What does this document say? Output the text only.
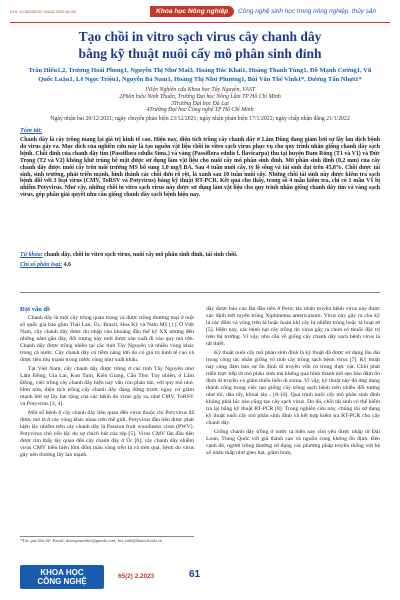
DOI: 10.55250/JO.VNUA.2023.61-65	Khoa học Nông nghiệp	Công nghệ sinh học trong nông nghiệp, thủy sản
Tạo chồi in vitro sạch virus cây chanh dây
bằng kỹ thuật nuôi cấy mô phân sinh đỉnh
Trần Hiếu1,2, Trương Hoài Phong1, Nguyễn Thị Như Mai3, Hoàng Đắc Khải1, Hoàng Thanh Tùng1, Đỗ Mạnh Cường1, Vũ Quốc Luận1, Lê Ngọc Triệu1, Nguyễn Bá Nam1, Hoàng Thị Như Phương1, Bùi Văn Thế Vinh1*, Dương Tấn Nhựt1*
1Viện Nghiên cứu Khoa học Tây Nguyên, VAST
2Phân hiệu Ninh Thuận, Trường Đại học Nông Lâm TP Hồ Chí Minh
3Trường Đại học Đà Lạt
4Trường Đại học Công nghệ TP Hồ Chí Minh
Ngày nhận bài 20/12/2021; ngày chuyển phản biện 23/12/2021; ngày nhận phản biện 17/1/2022; ngày chấp nhận đăng 21/1/2022
Tóm tắt:
Chanh dây là cây trồng mang lại giá trị kinh tế cao. Hiện nay, diện tích trồng cây chanh dây ở Lâm Đồng đang giảm bởi sự lây lan dịch bệnh do virus gây ra. Mục đích của nghiên cứu này là tạo nguồn vật liệu chồi in vitro sạch virus phục vụ cho quy trình nhân giống chanh dây sạch bệnh. Chồi đỉnh của chanh dây tím (Passiflora edulis Sims.) và vàng (Passiflora edulis f. flavicarpa) thu tại huyện Đam Rông (T1 và V1) và Đức Trọng (T2 và V2) không khử trùng bề mặt được sử dụng làm vật liệu cho nuôi cấy mô phân sinh đỉnh. Mô phân sinh đỉnh (0,2 mm) của cây chanh dây được nuôi cấy trên môi trường MS bổ sung 1,0 mg/l BA. Sau 4 tuần nuôi cấy, tỷ lệ sống và tái sinh đạt trên 45,8%. Chồi được tái sinh, sinh trưởng, phát triển mạnh, hình thành các chồi đơn rõ rệt, lá xanh sau 10 tuần nuôi cấy. Những chồi tái sinh này được kiểm tra sạch bệnh đối với 3 loại virus (CMV, ToRSV và Potyvirus) bằng kỹ thuật RT-PCR. Kết quả cho thấy, trong số 4 mẫu kiểm tra, chỉ có 1 mẫu V1 bị nhiễm Potyvirus. Như vậy, những chồi in vitro sạch virus này được sử dụng làm vật liệu cho quy trình nhân giống chanh dây tím và vàng sạch virus, góp phần giải quyết nhu cầu giống chanh dây sạch bệnh hiện nay.
Từ khóa: chanh dây, chồi in vitro sạch virus, nuôi cấy mô phân sinh đỉnh, tái sinh chồi.
Chỉ số phân loại: 4.6

Đặt vấn đề

Chanh dây là một cây trồng quan trọng và được trồng thương mại ở một số quốc gia bao gồm Thái Lan, Úc, Brazil, Hoa Kỳ và Nam Mỹ [1]. Ở Việt Nam, cây chanh dây được du nhập vào khoảng đầu thế kỷ XX nhưng đến những năm gần đây, đối tượng này mới được sản xuất đi vào quy mô lớn. Chanh dây được trồng nhiều tại các tỉnh Tây Nguyên và nhiều vùng khác trong cả nước. Cây chanh dây có tiềm năng lớn do có giá trị kinh tế cao và được tiêu thụ mạnh trong nước cũng như xuất khẩu.

Tại Việt Nam, cây chanh dây được trồng ở các tỉnh Tây Nguyên như Lâm Đồng, Gia Lai, Kon Tum, Kiên Giang, Cần Thơ. Tuy nhiên, ở Lâm Đồng, việc trồng cây chanh dây hiện nay vẫn còn phân tán, với quy mô nhỏ. Hơn nữa, diện tích trồng cây chanh dây đang đứng trước nguy cơ giảm mạnh bởi sự lây lan rộng của các bệnh do virus gây ra, như CMV, ToRSV và Potyvirus [3, 4].

Một số bệnh ở cây chanh dây liên quan đến virus thuộc chi Potyvirus đã được mô tả ở các vùng khác nhau trên thế giới. Potyvirus đầu tiên được phát hiện lây nhiễm trên cây chanh dây là Passion fruit woodiness virus (PWV). Potyvirus chủ yếu lây do sự chích hút của rệp [5]. Virus CMV lần đầu tiên được tìm thấy lây quan đến cây chanh dây ở Úc [6]; cây chanh dây nhiễm virus CMV biểu hiện lốm đốm màu vàng trên lá và trên quả, bệnh do virus gây nên thường lây lan mạnh.

dây được báo cáo lần đầu tiên ở Peru; tác nhân truyền bệnh virus này được xác định bởi tuyến trùng Xiphinema americanum. Virus này gây ra chu kỳ lá các đốm và vòng trên lá hoặc hoàn khi cây bị nhiễm trùng hoặc lá hoại tử [5]. Hiện nay, các bệnh hại cây trồng do virus gây ra chưa có thuốc đặc trị trên thị trường. Vì vậy, nhu cầu về giống cây chanh dây sạch bệnh virus là rất thiết.

Kỹ thuật nuôi cấy mô phân sinh đỉnh là kỹ thuật đã được sử dụng lâu dài trong công tác nhân giống vô tính cây trồng sạch bệnh virus [7]. Kỹ thuật này càng đảm bảo sự ổn định di truyền vốn có trong thực vật. Chồi phát triển trực tiếp từ mô phân sinh mà không qua hình thành mô sẹo bảo đảm ổn định di truyền và giảm thiểu biến dị soma. Vì vậy, kỹ thuật này đã ứng dụng thành công trong việc tạo giống cây trồng sạch bệnh trên nhiều đối tượng như tỏi, dâu tây, khoai tây... [8-10]. Quá trình nuôi cấy mô phân sinh đỉnh không phải lúc nào cũng tạo cây sạch virus. Do đó, chồi tái sinh có thể kiểm tra lại bằng kỹ thuật RT-PCR [8]. Trong nghiên cứu này, chúng tôi sử dụng kỹ thuật nuôi cấy mô phân sinh đỉnh và kết hợp kiểm tra RT-PCR cho cây chanh dây.

Giống chanh dây trồng ở nước ta hiện nay chủ yếu được nhập từ Đài Loan, Trung Quốc với giá thành cao và nguồn cung không ổn định. Bên cạnh đó, người trồng thường sử dụng các phương pháp truyền thống với hệ số nhân thấp như gieo hạt, giâm hom,

*Tác giả liên hệ: Email: duongtannhut@gmail.com; bvt.vinh@hutech.edu.vn
KHOA HỌC
CÔNG NGHỆ
65(2) 2.2023	61
